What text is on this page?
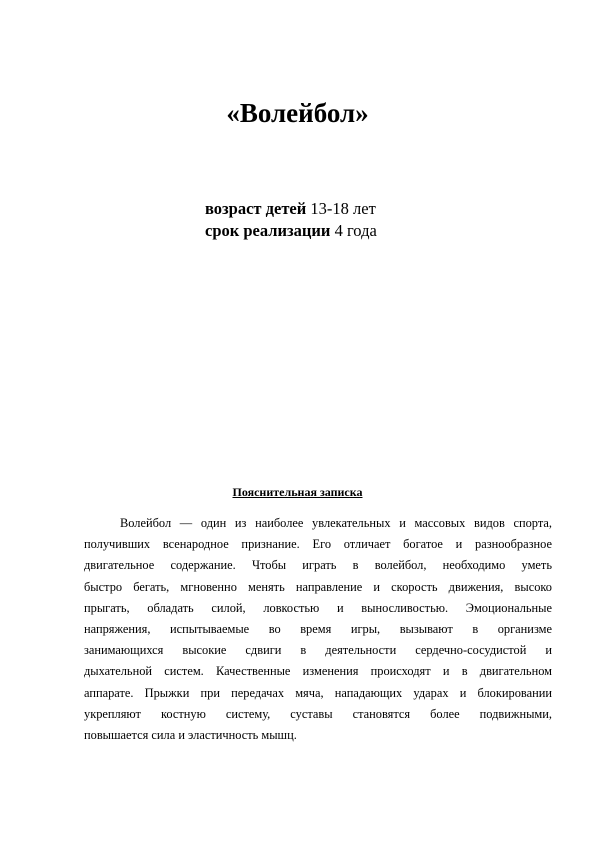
«Волейбол»
возраст детей 13-18 лет
срок реализации 4 года
Пояснительная записка
Волейбол — один из наиболее увлекательных и массовых видов спорта,
получивших всенародное признание. Его отличает богатое и разнообразное
двигательное содержание. Чтобы играть в волейбол, необходимо уметь
быстро бегать, мгновенно менять направление и скорость движения, высоко
прыгать, обладать силой, ловкостью и выносливостью. Эмоциональные
напряжения, испытываемые во время игры, вызывают в организме
занимающихся высокие сдвиги в деятельности сердечно-сосудистой и
дыхательной систем. Качественные изменения происходят и в двигательном
аппарате. Прыжки при передачах мяча, нападающих ударах и блокировании
укрепляют костную систему, суставы становятся более подвижными,
повышается сила и эластичность мышц.
